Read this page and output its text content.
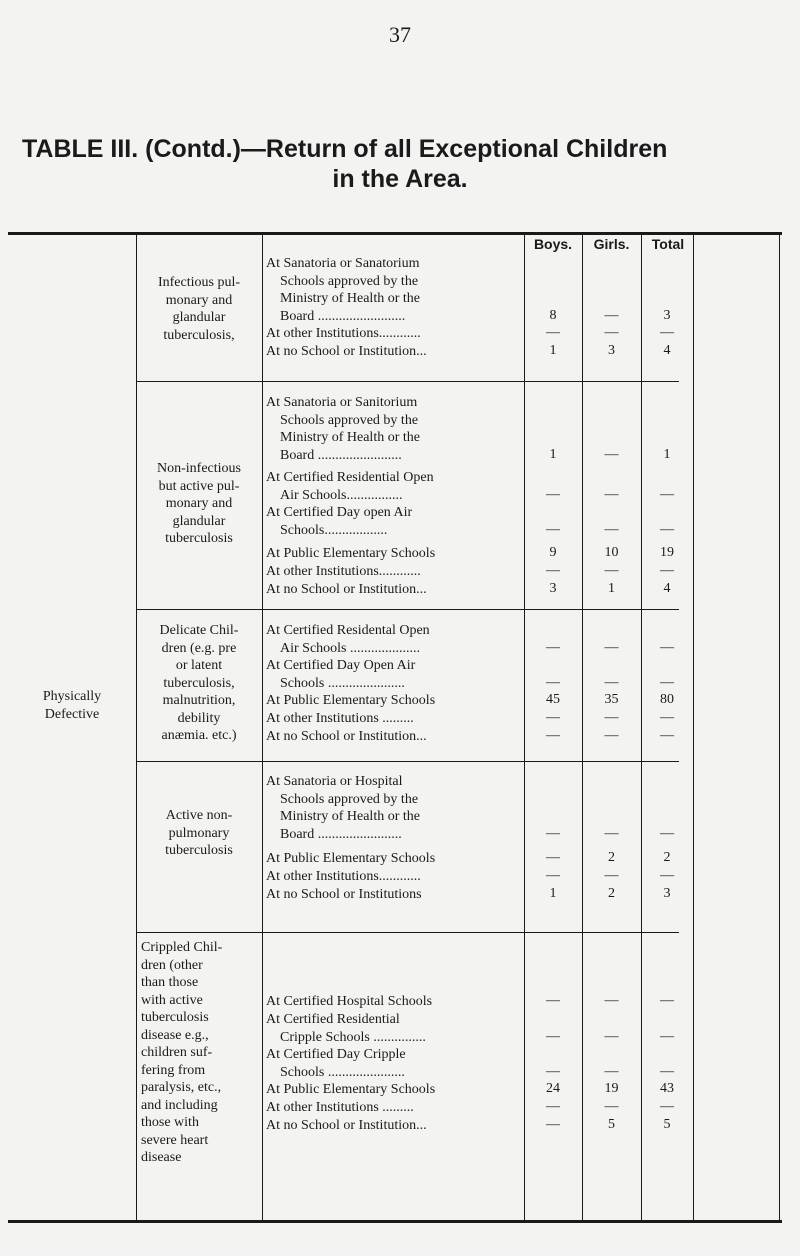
37
TABLE III. (Contd.)—Return of all Exceptional Children
in the Area.
Boys.	Girls.	Total
Physically
Defective
Infectious pul-
monary and
glandular
tuberculosis,
At Sanatoria or Sanatorium
Schools approved by the
Ministry of Health or the
Board .........................	8	—	3
At other Institutions............	—	—	—
At no School or Institution...	1	3	4
Non-infectious
but active pul-
monary and
glandular
tuberculosis
At Sanatoria or Sanitorium
Schools approved by the
Ministry of Health or the
Board ........................	1	—	1
At Certified Residential Open
Air Schools................	—	—	—
At Certified Day open Air
Schools..................	—	—	—
At Public Elementary Schools	9	10	19
At other Institutions............	—	—	—
At no School or Institution...	3	1	4
Delicate Chil-
dren (e.g. pre
or latent
tuberculosis,
malnutrition,
debility
anæmia. etc.)
At Certified Residental Open
Air Schools ....................	—	—	—
At Certified Day Open Air
Schools ......................	—	—	—
At Public Elementary Schools	45	35	80
At other Institutions .........	—	—	—
At no School or Institution...	—	—	—
Active non-
pulmonary
tuberculosis
At Sanatoria or Hospital
Schools approved by the
Ministry of Health or the
Board ........................	—	—	—
At Public Elementary Schools	—	2	2
At other Institutions............	—	—	—
At no School or Institutions	1	2	3
Crippled Chil-
dren (other
than those
with active
tuberculosis
disease e.g.,
children suf-
fering from
paralysis, etc.,
and including
those with
severe heart
disease
At Certified Hospital Schools	—	—	—
At Certified Residential
Cripple Schools ...............	—	—	—
At Certified Day Cripple
Schools ......................	—	—	—
At Public Elementary Schools	24	19	43
At other Institutions .........	—	—	—
At no School or Institution...	—	5	5
